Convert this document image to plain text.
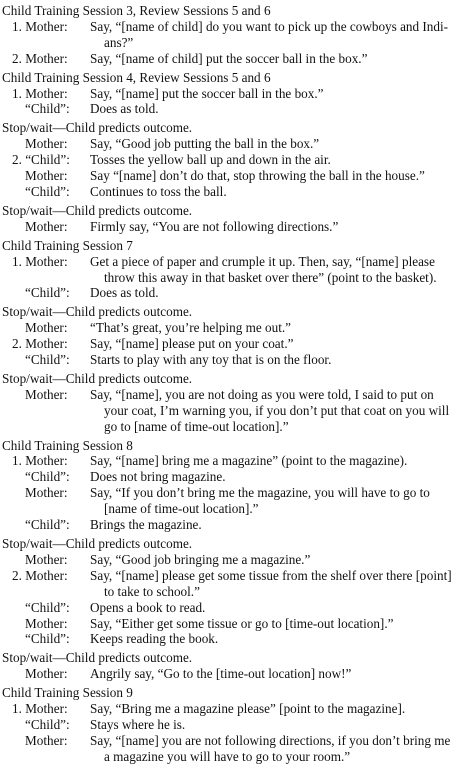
Child Training Session 3, Review Sessions 5 and 6
1. Mother:	Say, “[name of child] do you want to pick up the cowboys and Indi-
ans?”
2. Mother:	Say, “[name of child] put the soccer ball in the box.”
Child Training Session 4, Review Sessions 5 and 6
1. Mother:	Say, “[name] put the soccer ball in the box.”
“Child”:	Does as told.
Stop/wait—Child predicts outcome.
Mother:	Say, “Good job putting the ball in the box.”
2. “Child”:	Tosses the yellow ball up and down in the air.
Mother:	Say “[name] don’t do that, stop throwing the ball in the house.”
“Child”:	Continues to toss the ball.
Stop/wait—Child predicts outcome.
Mother:	Firmly say, “You are not following directions.”
Child Training Session 7
1. Mother:	Get a piece of paper and crumple it up. Then, say, “[name] please
throw this away in that basket over there” (point to the basket).
“Child”:	Does as told.
Stop/wait—Child predicts outcome.
Mother:	“That’s great, you’re helping me out.”
2. Mother:	Say, “[name] please put on your coat.”
“Child”:	Starts to play with any toy that is on the floor.
Stop/wait—Child predicts outcome.
Mother:	Say, “[name], you are not doing as you were told, I said to put on
your coat, I’m warning you, if you don’t put that coat on you will
go to [name of time-out location].”
Child Training Session 8
1. Mother:	Say, “[name] bring me a magazine” (point to the magazine).
“Child”:	Does not bring magazine.
Mother:	Say, “If you don’t bring me the magazine, you will have to go to
[name of time-out location].”
“Child”:	Brings the magazine.
Stop/wait—Child predicts outcome.
Mother:	Say, “Good job bringing me a magazine.”
2. Mother:	Say, “[name] please get some tissue from the shelf over there [point]
to take to school.”
“Child”:	Opens a book to read.
Mother:	Say, “Either get some tissue or go to [time-out location].”
“Child”:	Keeps reading the book.
Stop/wait—Child predicts outcome.
Mother:	Angrily say, “Go to the [time-out location] now!”
Child Training Session 9
1. Mother:	Say, “Bring me a magazine please” [point to the magazine].
“Child”:	Stays where he is.
Mother:	Say, “[name] you are not following directions, if you don’t bring me
a magazine you will have to go to your room.”
